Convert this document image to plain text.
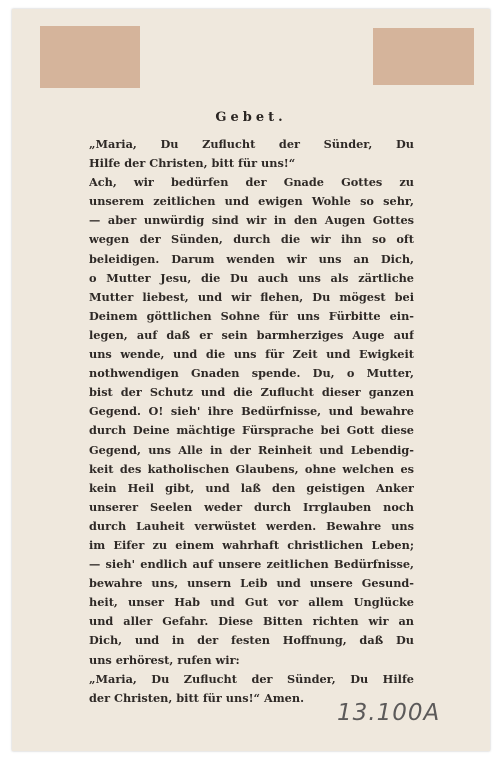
Gebet.
„Maria, Du Zuflucht der Sünder, Du
Hilfe der Christen, bitt für uns!“
Ach, wir bedürfen der Gnade Gottes zu
unserem zeitlichen und ewigen Wohle so sehr,
— aber unwürdig sind wir in den Augen Gottes
wegen der Sünden, durch die wir ihn so oft
beleidigen. Darum wenden wir uns an Dich,
o Mutter Jesu, die Du auch uns als zärtliche
Mutter liebest, und wir flehen, Du mögest bei
Deinem göttlichen Sohne für uns Fürbitte ein-
legen, auf daß er sein barmherziges Auge auf
uns wende, und die uns für Zeit und Ewigkeit
nothwendigen Gnaden spende. Du, o Mutter,
bist der Schutz und die Zuflucht dieser ganzen
Gegend. O! sieh' ihre Bedürfnisse, und bewahre
durch Deine mächtige Fürsprache bei Gott diese
Gegend, uns Alle in der Reinheit und Lebendig-
keit des katholischen Glaubens, ohne welchen es
kein Heil gibt, und laß den geistigen Anker
unserer Seelen weder durch Irrglauben noch
durch Lauheit verwüstet werden. Bewahre uns
im Eifer zu einem wahrhaft christlichen Leben;
— sieh' endlich auf unsere zeitlichen Bedürfnisse,
bewahre uns, unsern Leib und unsere Gesund-
heit, unser Hab und Gut vor allem Unglücke
und aller Gefahr. Diese Bitten richten wir an
Dich, und in der festen Hoffnung, daß Du
uns erhörest, rufen wir:
„Maria, Du Zuflucht der Sünder, Du Hilfe
der Christen, bitt für uns!“ Amen.
13.100A
